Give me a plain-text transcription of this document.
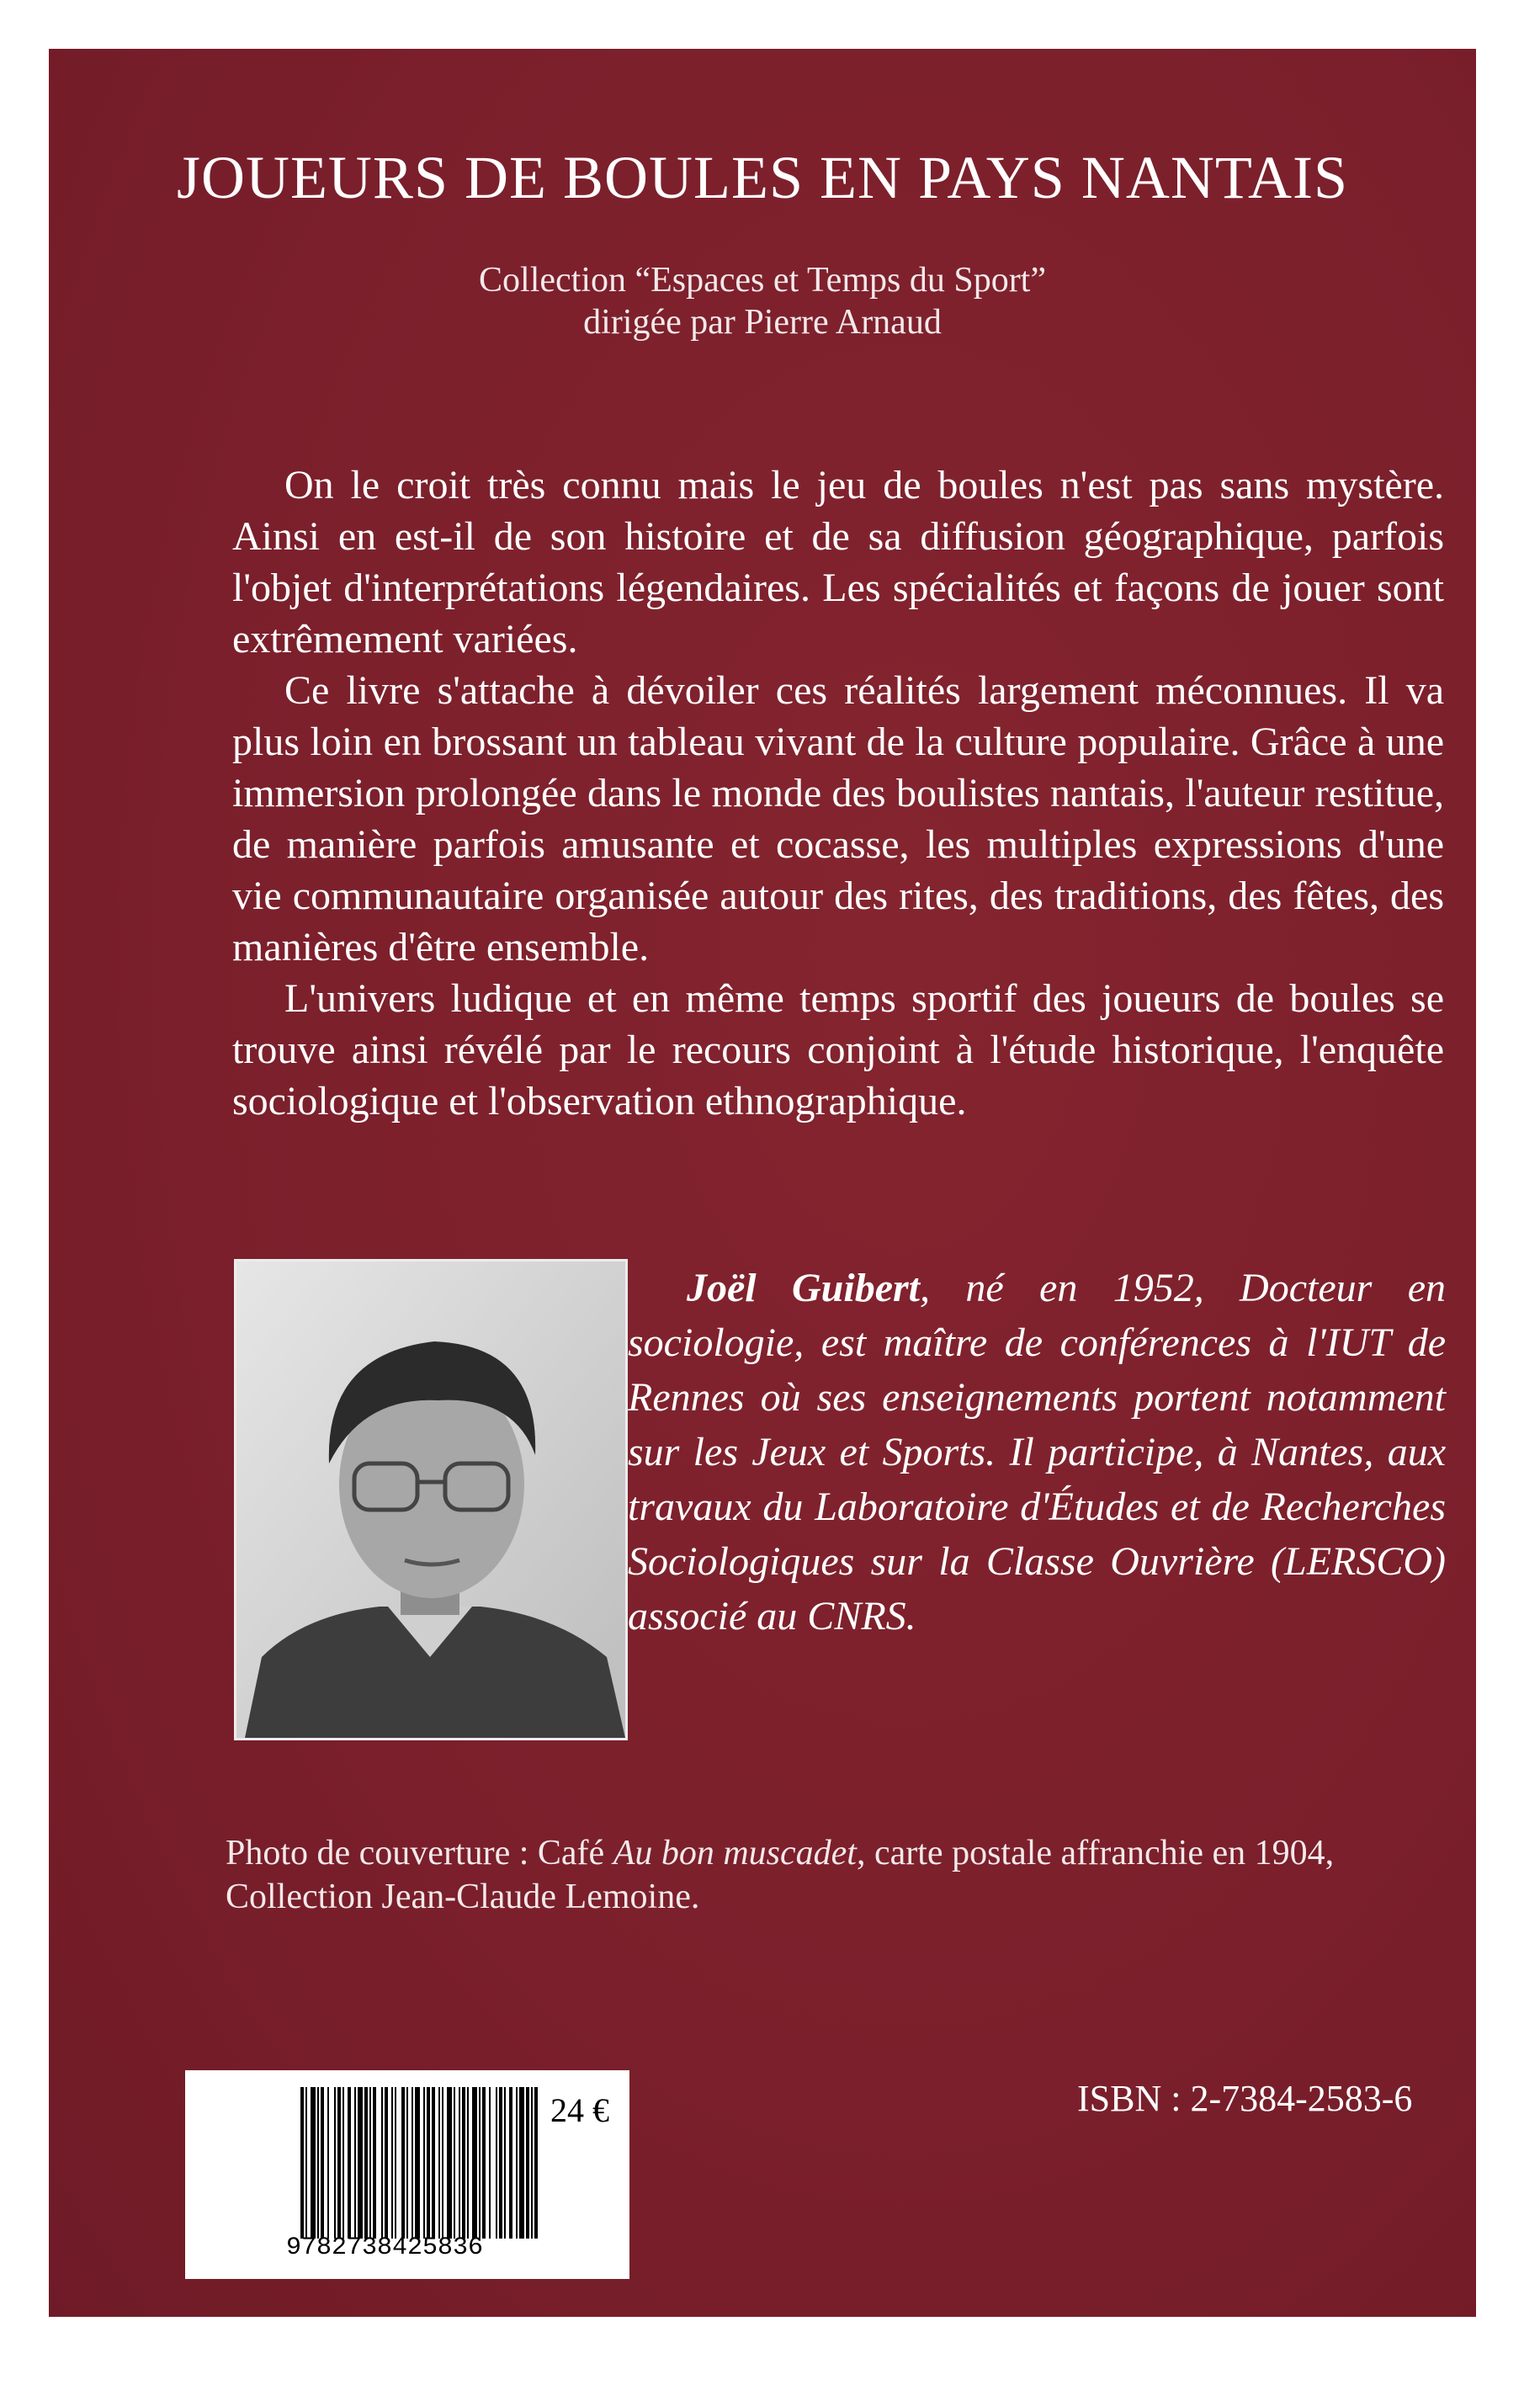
JOUEURS DE BOULES EN PAYS NANTAIS
Collection “Espaces et Temps du Sport”
dirigée par Pierre Arnaud

On le croit très connu mais le jeu de boules n'est pas sans mystère. Ainsi en est-il de son histoire et de sa diffusion géographique, parfois l'objet d'interprétations légendaires. Les spécialités et façons de jouer sont extrêmement variées.

Ce livre s'attache à dévoiler ces réalités largement méconnues. Il va plus loin en brossant un tableau vivant de la culture populaire. Grâce à une immersion prolongée dans le monde des boulistes nantais, l'auteur restitue, de manière parfois amusante et cocasse, les multiples expressions d'une vie communautaire organisée autour des rites, des traditions, des fêtes, des manières d'être ensemble.

L'univers ludique et en même temps sportif des joueurs de boules se trouve ainsi révélé par le recours conjoint à l'étude historique, l'enquête sociologique et l'observation ethnographique.

Joël Guibert, né en 1952, Docteur en sociologie, est maître de conférences à l'IUT de Rennes où ses enseignements portent notamment sur les Jeux et Sports. Il participe, à Nantes, aux travaux du Laboratoire d'Études et de Recherches Sociologiques sur la Classe Ouvrière (LERSCO) associé au CNRS.
Photo de couverture : Café Au bon muscadet, carte postale affranchie en 1904,
Collection Jean-Claude Lemoine.
9782738425836
24 €	ISBN : 2-7384-2583-6
